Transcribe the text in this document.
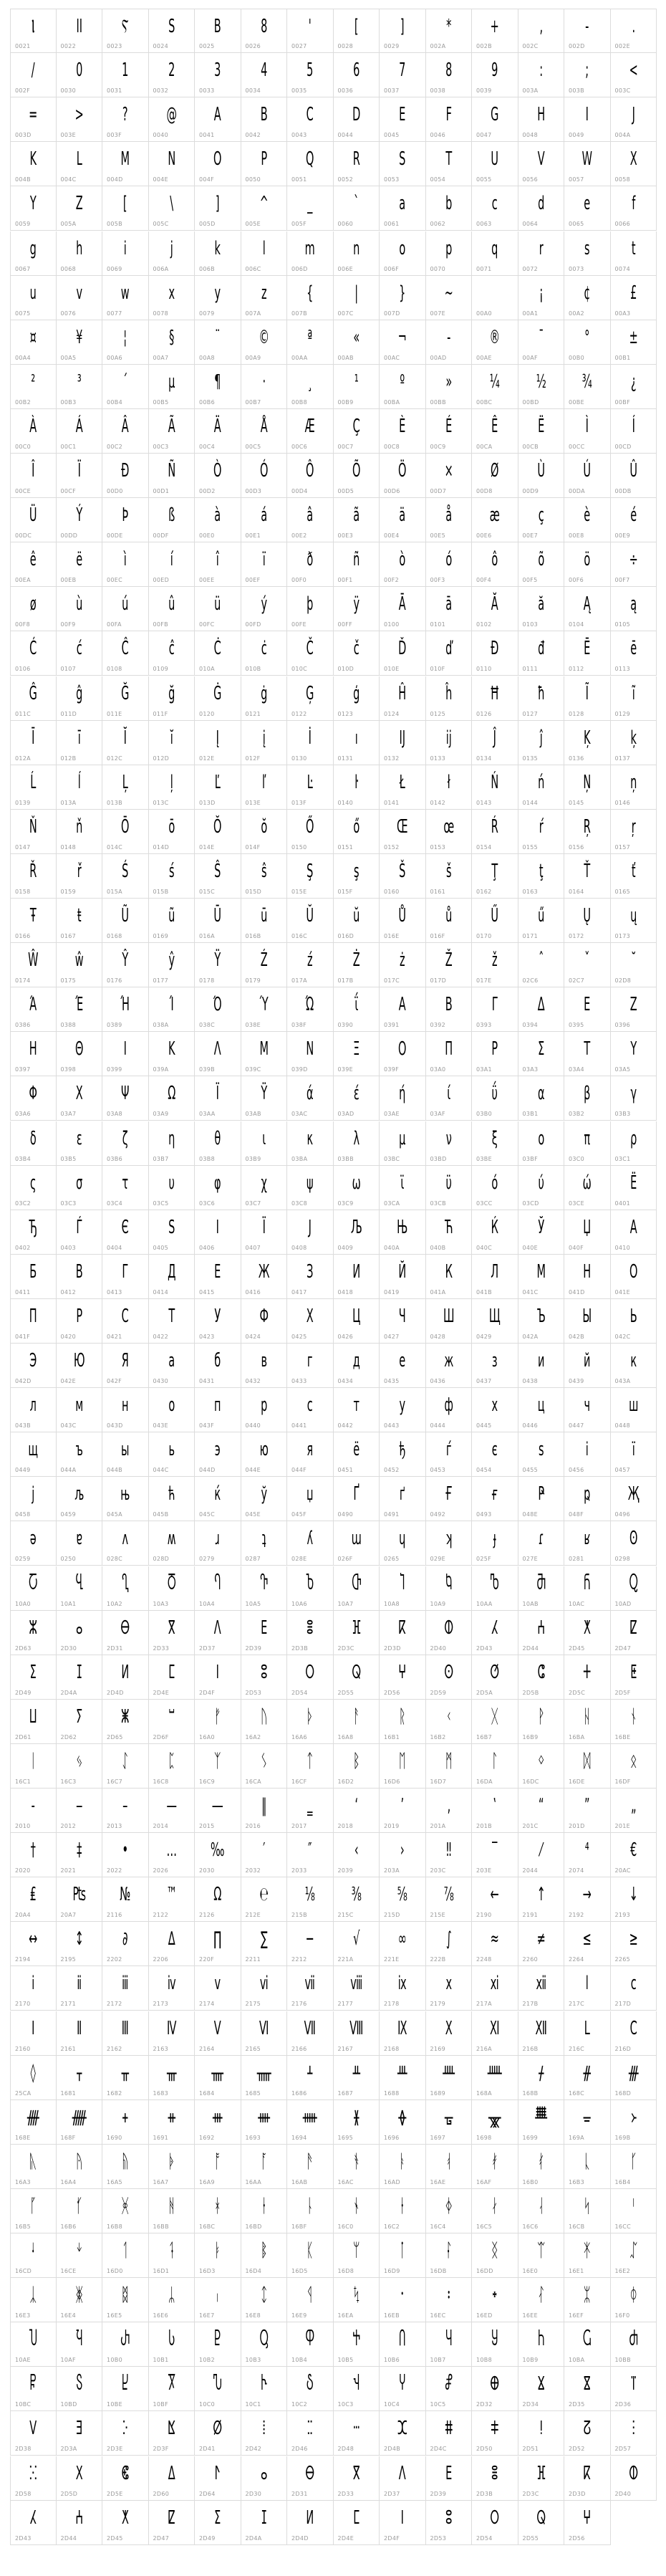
Ⲓ
0021
II
0022
Ⲋ
0023
S
0024
B
0025
8
0026
'
0027
[
0028
]
0029
*
002A
+
002B
,
002C
-
002D
.
002E
/
002F
0
0030
1
0031
2
0032
3
0033
4
0034
5
0035
6
0036
7
0037
8
0038
9
0039
:
003A
;
003B
<
003C
=
003D
>
003E
?
003F
@
0040
A
0041
B
0042
C
0043
D
0044
E
0045
F
0046
G
0047
H
0048
I
0049
J
004A
K
004B
L
004C
M
004D
N
004E
O
004F
P
0050
Q
0051
R
0052
S
0053
T
0054
U
0055
V
0056
W
0057
X
0058
Y
0059
Z
005A
[
005B
\
005C
]
005D
^
005E
_
005F
`
0060
a
0061
b
0062
c
0063
d
0064
e
0065
f
0066
g
0067
h
0068
i
0069
j
006A
k
006B
l
006C
m
006D
n
006E
o
006F
p
0070
q
0071
r
0072
s
0073
t
0074
u
0075
v
0076
w
0077
x
0078
y
0079
z
007A
{
007B
|
007C
}
007D
~
007E	00A0
¡
00A1
¢
00A2
£
00A3
¤
00A4
¥
00A5
¦
00A6
§
00A7
¨
00A8
©
00A9
ª
00AA
«
00AB
¬
00AC
-
00AD
®
00AE
¯
00AF
°
00B0
±
00B1
²
00B2
³
00B3
´
00B4
µ
00B5
¶
00B6
·
00B7
¸
00B8
¹
00B9
º
00BA
»
00BB
¼
00BC
½
00BD
¾
00BE
¿
00BF
À
00C0
Á
00C1
Â
00C2
Ã
00C3
Ä
00C4
Å
00C5
Æ
00C6
Ç
00C7
È
00C8
É
00C9
Ê
00CA
Ë
00CB
Ì
00CC
Í
00CD
Î
00CE
Ï
00CF
Ð
00D0
Ñ
00D1
Ò
00D2
Ó
00D3
Ô
00D4
Õ
00D5
Ö
00D6
×
00D7
Ø
00D8
Ù
00D9
Ú
00DA
Û
00DB
Ü
00DC
Ý
00DD
Þ
00DE
ß
00DF
à
00E0
á
00E1
â
00E2
ã
00E3
ä
00E4
å
00E5
æ
00E6
ç
00E7
è
00E8
é
00E9
ê
00EA
ë
00EB
ì
00EC
í
00ED
î
00EE
ï
00EF
ð
00F0
ñ
00F1
ò
00F2
ó
00F3
ô
00F4
õ
00F5
ö
00F6
÷
00F7
ø
00F8
ù
00F9
ú
00FA
û
00FB
ü
00FC
ý
00FD
þ
00FE
ÿ
00FF
Ā
0100
ā
0101
Ă
0102
ă
0103
Ą
0104
ą
0105
Ć
0106
ć
0107
Ĉ
0108
ĉ
0109
Ċ
010A
ċ
010B
Č
010C
č
010D
Ď
010E
ď
010F
Đ
0110
đ
0111
Ē
0112
ē
0113
Ĝ
011C
ĝ
011D
Ğ
011E
ğ
011F
Ġ
0120
ġ
0121
Ģ
0122
ģ
0123
Ĥ
0124
ĥ
0125
Ħ
0126
ħ
0127
Ĩ
0128
ĩ
0129
Ī
012A
ī
012B
Ĭ
012C
ĭ
012D
Į
012E
į
012F
İ
0130
ı
0131
Ĳ
0132
ĳ
0133
Ĵ
0134
ĵ
0135
Ķ
0136
ķ
0137
Ĺ
0139
ĺ
013A
Ļ
013B
ļ
013C
Ľ
013D
ľ
013E
Ŀ
013F
ŀ
0140
Ł
0141
ł
0142
Ń
0143
ń
0144
Ņ
0145
ņ
0146
Ň
0147
ň
0148
Ō
014C
ō
014D
Ŏ
014E
ŏ
014F
Ő
0150
ő
0151
Œ
0152
œ
0153
Ŕ
0154
ŕ
0155
Ŗ
0156
ŗ
0157
Ř
0158
ř
0159
Ś
015A
ś
015B
Ŝ
015C
ŝ
015D
Ş
015E
ş
015F
Š
0160
š
0161
Ţ
0162
ţ
0163
Ť
0164
ť
0165
Ŧ
0166
ŧ
0167
Ũ
0168
ũ
0169
Ū
016A
ū
016B
Ŭ
016C
ŭ
016D
Ů
016E
ů
016F
Ű
0170
ű
0171
Ų
0172
ų
0173
Ŵ
0174
ŵ
0175
Ŷ
0176
ŷ
0177
Ÿ
0178
Ź
0179
ź
017A
Ż
017B
ż
017C
Ž
017D
ž
017E
ˆ
02C6
ˇ
02C7
˘
02D8
Ά
0386
Έ
0388
Ή
0389
Ί
038A
Ό
038C
Ύ
038E
Ώ
038F
ΐ
0390
Α
0391
Β
0392
Γ
0393
Δ
0394
Ε
0395
Ζ
0396
Η
0397
Θ
0398
Ι
0399
Κ
039A
Λ
039B
Μ
039C
Ν
039D
Ξ
039E
Ο
039F
Π
03A0
Ρ
03A1
Σ
03A3
Τ
03A4
Υ
03A5
Φ
03A6
Χ
03A7
Ψ
03A8
Ω
03A9
Ϊ
03AA
Ϋ
03AB
ά
03AC
έ
03AD
ή
03AE
ί
03AF
ΰ
03B0
α
03B1
β
03B2
γ
03B3
δ
03B4
ε
03B5
ζ
03B6
η
03B7
θ
03B8
ι
03B9
κ
03BA
λ
03BB
μ
03BC
ν
03BD
ξ
03BE
ο
03BF
π
03C0
ρ
03C1
ς
03C2
σ
03C3
τ
03C4
υ
03C5
φ
03C6
χ
03C7
ψ
03C8
ω
03C9
ϊ
03CA
ϋ
03CB
ό
03CC
ύ
03CD
ώ
03CE
Ё
0401
Ђ
0402
Ѓ
0403
Є
0404
Ѕ
0405
І
0406
Ї
0407
Ј
0408
Љ
0409
Њ
040A
Ћ
040B
Ќ
040C
Ў
040E
Џ
040F
А
0410
Б
0411
В
0412
Г
0413
Д
0414
Е
0415
Ж
0416
З
0417
И
0418
Й
0419
К
041A
Л
041B
М
041C
Н
041D
О
041E
П
041F
Р
0420
С
0421
Т
0422
У
0423
Ф
0424
Х
0425
Ц
0426
Ч
0427
Ш
0428
Щ
0429
Ъ
042A
Ы
042B
Ь
042C
Э
042D
Ю
042E
Я
042F
а
0430
б
0431
в
0432
г
0433
д
0434
е
0435
ж
0436
з
0437
и
0438
й
0439
к
043A
л
043B
м
043C
н
043D
о
043E
п
043F
р
0440
с
0441
т
0442
у
0443
ф
0444
х
0445
ц
0446
ч
0447
ш
0448
щ
0449
ъ
044A
ы
044B
ь
044C
э
044D
ю
044E
я
044F
ё
0451
ђ
0452
ѓ
0453
є
0454
ѕ
0455
і
0456
ї
0457
ј
0458
љ
0459
њ
045A
ћ
045B
ќ
045C
ў
045E
џ
045F
Ґ
0490
ґ
0491
Ғ
0492
ғ
0493
Ҏ
048E
ҏ
048F
Җ
0496
ə
0259
ɐ
0250
ʌ
028C
ʍ
028D
ɹ
0279
ʇ
0287
ʎ
028E
ɯ
026F
ɥ
0265
ʞ
029E
ɟ
025F
ɾ
027E
ʁ
0281
ʘ
0298
Ⴀ
10A0
Ⴁ
10A1
Ⴂ
10A2
Ⴃ
10A3
Ⴄ
10A4
Ⴅ
10A5
Ⴆ
10A6
Ⴇ
10A7
Ⴈ
10A8
Ⴉ
10A9
Ⴊ
10AA
Ⴋ
10AB
Ⴌ
10AC
Ⴍ
10AD
ⵣ
2D63
ⴰ
2D30
ⴱ
2D31
ⴳ
2D33
ⴷ
2D37
ⴹ
2D39
ⴻ
2D3B
ⴼ
2D3C
ⴽ
2D3D
ⵀ
2D40
ⵃ
2D43
ⵄ
2D44
ⵅ
2D45
ⵇ
2D47
ⵉ
2D49
ⵊ
2D4A
ⵍ
2D4D
ⵎ
2D4E
ⵏ
2D4F
ⵓ
2D53
ⵔ
2D54
ⵕ
2D55
ⵖ
2D56
ⵙ
2D59
ⵚ
2D5A
ⵛ
2D5B
ⵜ
2D5C
ⵟ
2D5F
ⵡ
2D61
ⵢ
2D62
ⵥ
2D65
ⵯ
2D6F
ᚠ
16A0
ᚢ
16A2
ᚦ
16A6
ᚨ
16A8
ᚱ
16B1
ᚲ
16B2
ᚷ
16B7
ᚹ
16B9
ᚺ
16BA
ᚾ
16BE
ᛁ
16C1
ᛃ
16C3
ᛇ
16C7
ᛈ
16C8
ᛉ
16C9
ᛊ
16CA
ᛏ
16CF
ᛒ
16D2
ᛖ
16D6
ᛗ
16D7
ᛚ
16DA
ᛜ
16DC
ᛞ
16DE
ᛟ
16DF
‐
2010
‒
2012
–
2013
—
2014
―
2015
‖
2016
‗
2017
‘
2018
’
2019
‚
201A
‛
201B
“
201C
”
201D
„
201E
†
2020
‡
2021
•
2022
…
2026
‰
2030
′
2032
″
2033
‹
2039
›
203A
‼
203C
‾
203E
⁄
2044
⁴
2074
€
20AC
₤
20A4
₧
20A7
№
2116
™
2122
Ω
2126
℮
212E
⅛
215B
⅜
215C
⅝
215D
⅞
215E
←
2190
↑
2191
→
2192
↓
2193
↔
2194
↕
2195
∂
2202
∆
2206
∏
220F
∑
2211
−
2212
√
221A
∞
221E
∫
222B
≈
2248
≠
2260
≤
2264
≥
2265
ⅰ
2170
ⅱ
2171
ⅲ
2172
ⅳ
2173
ⅴ
2174
ⅵ
2175
ⅶ
2176
ⅷ
2177
ⅸ
2178
ⅹ
2179
ⅺ
217A
ⅻ
217B
ⅼ
217C
ⅽ
217D
Ⅰ
2160
Ⅱ
2161
Ⅲ
2162
Ⅳ
2163
Ⅴ
2164
Ⅵ
2165
Ⅶ
2166
Ⅷ
2167
Ⅸ
2168
Ⅹ
2169
Ⅺ
216A
Ⅻ
216B
Ⅼ
216C
Ⅽ
216D
◊
25CA
ᚁ
1681
ᚂ
1682
ᚃ
1683
ᚄ
1684
ᚅ
1685
ᚆ
1686
ᚇ
1687
ᚈ
1688
ᚉ
1689
ᚊ
168A
ᚋ
168B
ᚌ
168C
ᚍ
168D
ᚎ
168E
ᚏ
168F
ᚐ
1690
ᚑ
1691
ᚒ
1692
ᚓ
1693
ᚔ
1694
ᚕ
1695
ᚖ
1696
ᚗ
1697
ᚘ
1698
ᚙ
1699
ᚚ
169A
᚛
169B
ᚣ
16A3
ᚤ
16A4
ᚥ
16A5
ᚧ
16A7
ᚩ
16A9
ᚪ
16AA
ᚫ
16AB
ᚬ
16AC
ᚭ
16AD
ᚮ
16AE
ᚯ
16AF
ᚰ
16B0
ᚳ
16B3
ᚴ
16B4
ᚵ
16B5
ᚶ
16B6
ᚸ
16B8
ᚻ
16BB
ᚼ
16BC
ᚽ
16BD
ᚿ
16BF
ᛀ
16C0
ᛂ
16C2
ᛄ
16C4
ᛅ
16C5
ᛆ
16C6
ᛋ
16CB
ᛌ
16CC
ᛍ
16CD
ᛎ
16CE
ᛐ
16D0
ᛑ
16D1
ᛓ
16D3
ᛔ
16D4
ᛕ
16D5
ᛘ
16D8
ᛙ
16D9
ᛛ
16DB
ᛝ
16DD
ᛠ
16E0
ᛡ
16E1
ᛢ
16E2
ᛣ
16E3
ᛤ
16E4
ᛥ
16E5
ᛦ
16E6
ᛧ
16E7
ᛨ
16E8
ᛩ
16E9
ᛪ
16EA
᛫
16EB
᛬
16EC
᛭
16ED
ᛮ
16EE
ᛯ
16EF
ᛰ
16F0
Ⴎ
10AE
Ⴏ
10AF
Ⴐ
10B0
Ⴑ
10B1
Ⴒ
10B2
Ⴓ
10B3
Ⴔ
10B4
Ⴕ
10B5
Ⴖ
10B6
Ⴗ
10B7
Ⴘ
10B8
Ⴙ
10B9
Ⴚ
10BA
Ⴛ
10BB
Ⴜ
10BC
Ⴝ
10BD
Ⴞ
10BE
Ⴟ
10BF
Ⴠ
10C0
Ⴡ
10C1
Ⴢ
10C2
Ⴣ
10C3
Ⴤ
10C4
Ⴥ
10C5
ⴲ
2D32
ⴴ
2D34
ⴵ
2D35
ⴶ
2D36
ⴸ
2D38
ⴺ
2D3A
ⴾ
2D3E
ⴿ
2D3F
ⵁ
2D41
ⵂ
2D42
ⵆ
2D46
ⵈ
2D48
ⵋ
2D4B
ⵌ
2D4C
ⵐ
2D50
ⵑ
2D51
ⵒ
2D52
ⵗ
2D57
ⵘ
2D58
ⵝ
2D5D
ⵞ
2D5E
ⵠ
2D60
ⵤ
2D64
ⴰ
2D30
ⴱ
2D31
ⴳ
2D33
ⴷ
2D37
ⴹ
2D39
ⴻ
2D3B
ⴼ
2D3C
ⴽ
2D3D
ⵀ
2D40
ⵃ
2D43
ⵄ
2D44
ⵅ
2D45
ⵇ
2D47
ⵉ
2D49
ⵊ
2D4A
ⵍ
2D4D
ⵎ
2D4E
ⵏ
2D4F
ⵓ
2D53
ⵔ
2D54
ⵕ
2D55
ⵖ
2D56
